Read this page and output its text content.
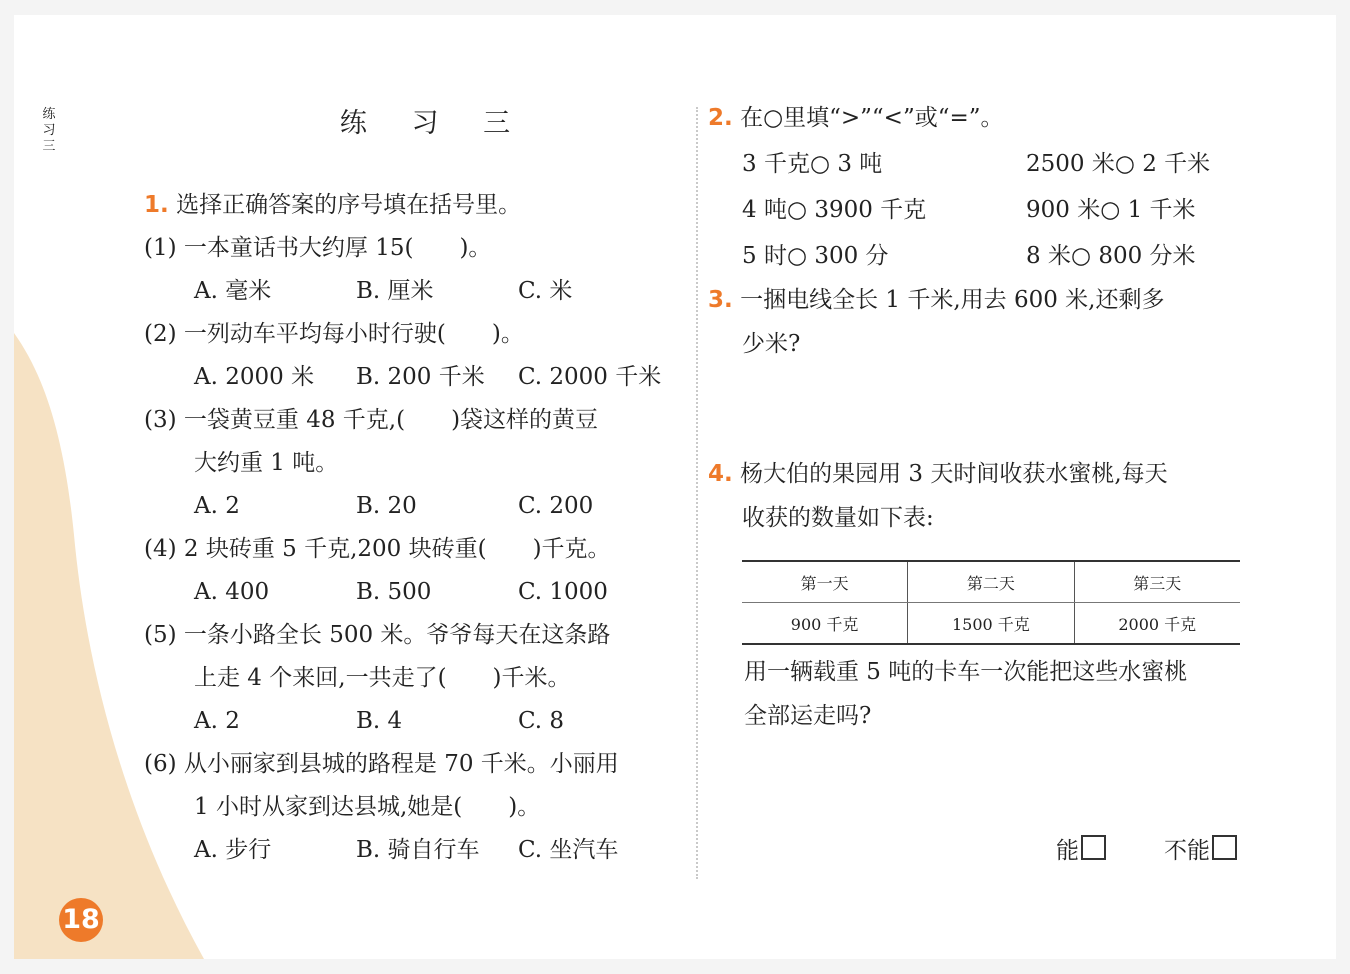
练习三
18
练 习 三
1. 选择正确答案的序号填在括号里。
(1) 一本童话书大约厚 15(　　)。
A. 毫米	B. 厘米	C. 米
(2) 一列动车平均每小时行驶(　　)。
A. 2000 米 B. 200 千米 C. 2000 千米
(3) 一袋黄豆重 48 千克,(　　)袋这样的黄豆
大约重 1 吨。
A. 2	B. 20	C. 200
(4) 2 块砖重 5 千克,200 块砖重(　　)千克。
A. 400	B. 500	C. 1000
(5) 一条小路全长 500 米。爷爷每天在这条路
上走 4 个来回,一共走了(　　)千米。
A. 2	B. 4	C. 8
(6) 从小丽家到县城的路程是 70 千米。小丽用
1 小时从家到达县城,她是(　　)。
A. 步行	B. 骑自行车 C. 坐汽车
2. 在○里填“>”“<”或“=”。
3 千克○ 3 吨	2500 米○ 2 千米
4 吨○ 3900 千克	900 米○ 1 千米
5 时○ 300 分	8 米○ 800 分米
3. 一捆电线全长 1 千米,用去 600 米,还剩多
少米?
4. 杨大伯的果园用 3 天时间收获水蜜桃,每天
收获的数量如下表:
第一天	第二天	第三天
900 千克	1500 千克	2000 千克
用一辆载重 5 吨的卡车一次能把这些水蜜桃
全部运走吗?
能	不能
